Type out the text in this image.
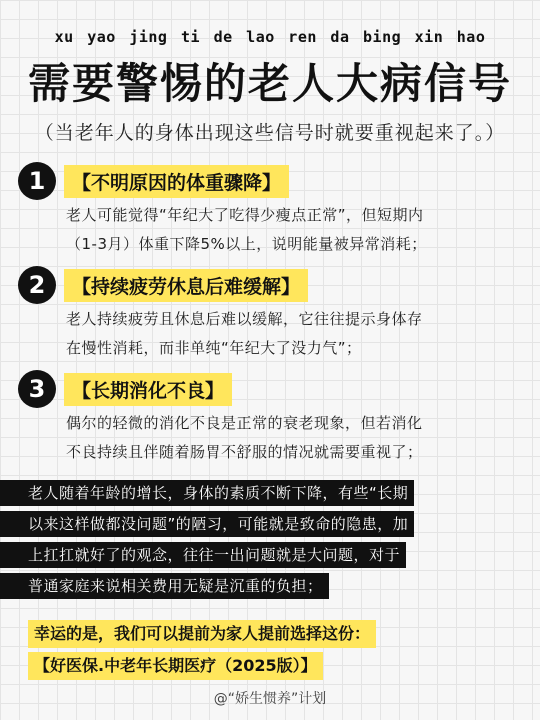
xu yao jing ti de lao ren da bing xin hao
需要警惕的老人大病信号
（当老年人的身体出现这些信号时就要重视起来了。）
1	【不明原因的体重骤降】
老人可能觉得“年纪大了吃得少瘦点正常”，但短期内
（1-3月）体重下降5%以上，说明能量被异常消耗；
2	【持续疲劳休息后难缓解】
老人持续疲劳且休息后难以缓解，它往往提示身体存
在慢性消耗，而非单纯“年纪大了没力气”；
3	【长期消化不良】
偶尔的轻微的消化不良是正常的衰老现象，但若消化
不良持续且伴随着肠胃不舒服的情况就需要重视了；
老人随着年龄的增长，身体的素质不断下降，有些“长期
以来这样做都没问题”的陋习，可能就是致命的隐患，加
上扛扛就好了的观念，往往一出问题就是大问题，对于
普通家庭来说相关费用无疑是沉重的负担；
幸运的是，我们可以提前为家人提前选择这份：
【好医保.中老年长期医疗（2025版）】
@“娇生惯养”计划
